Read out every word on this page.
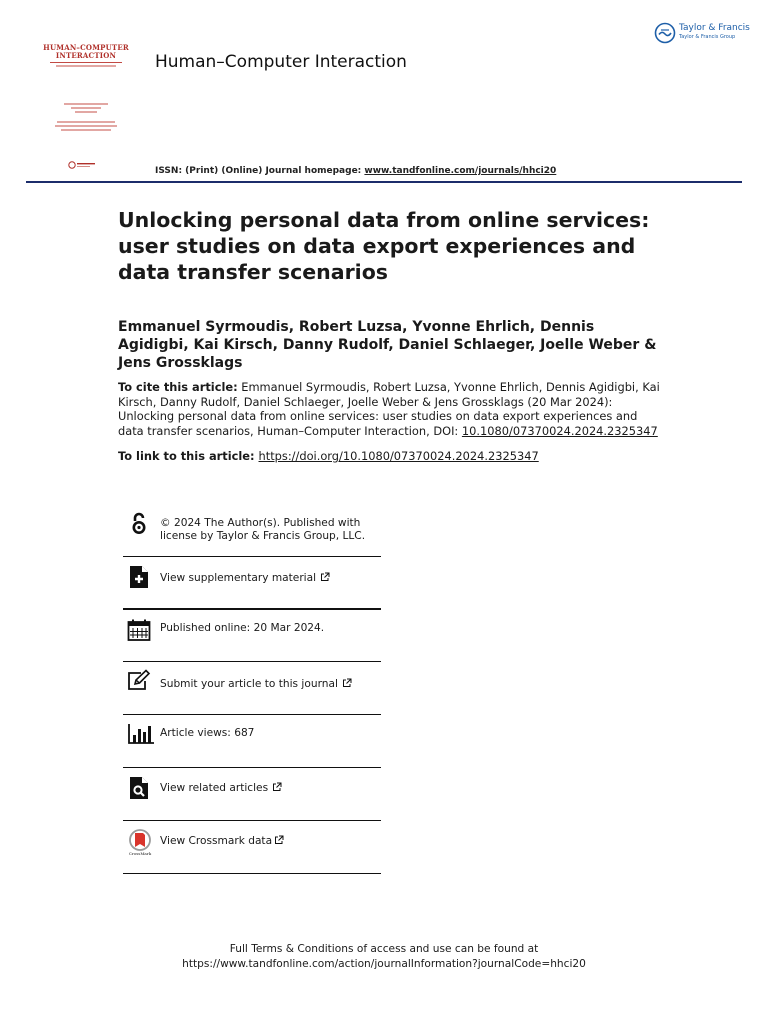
HUMAN–COMPUTER
INTERACTION	Human–Computer Interaction
Taylor & Francis
Taylor & Francis Group
ISSN: (Print) (Online) Journal homepage: www.tandfonline.com/journals/hhci20
Unlocking personal data from online services: user studies on data export experiences and data transfer scenarios
Emmanuel Syrmoudis, Robert Luzsa, Yvonne Ehrlich, Dennis Agidigbi, Kai Kirsch, Danny Rudolf, Daniel Schlaeger, Joelle Weber & Jens Grossklags
To cite this article: Emmanuel Syrmoudis, Robert Luzsa, Yvonne Ehrlich, Dennis Agidigbi, Kai Kirsch, Danny Rudolf, Daniel Schlaeger, Joelle Weber & Jens Grossklags (20 Mar 2024): Unlocking personal data from online services: user studies on data export experiences and data transfer scenarios, Human–Computer Interaction, DOI: 10.1080/07370024.2024.2325347
To link to this article: https://doi.org/10.1080/07370024.2024.2325347
© 2024 The Author(s). Published with license by Taylor & Francis Group, LLC.
View supplementary material
Published online: 20 Mar 2024.
Submit your article to this journal
Article views: 687
View related articles
CrossMark
View Crossmark data
Full Terms & Conditions of access and use can be found at
https://www.tandfonline.com/action/journalInformation?journalCode=hhci20
